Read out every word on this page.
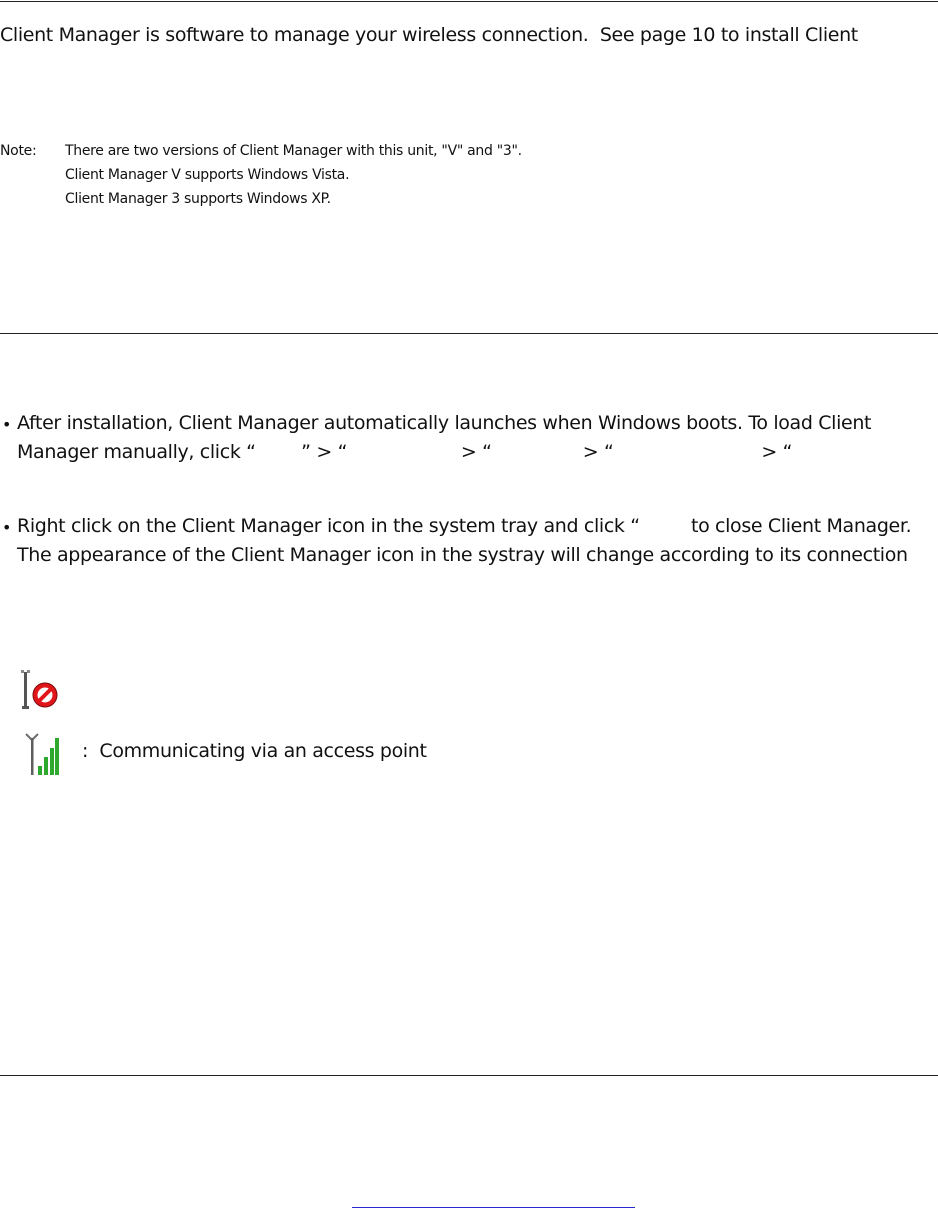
Client Manager is software to manage your wireless connection.  See page 10 to install Client
Note: There are two versions of Client Manager with this unit, "V" and "3".
Client Manager V supports Windows Vista.
Client Manager 3 supports Windows XP.
• After installation, Client Manager automatically launches when Windows boots. To load Client
Manager manually, click “        ” > “                    > “                > “                          > “
• Right click on the Client Manager icon in the system tray and click “         to close Client Manager.
The appearance of the Client Manager icon in the systray will change according to its connection
:  Communicating via an access point
